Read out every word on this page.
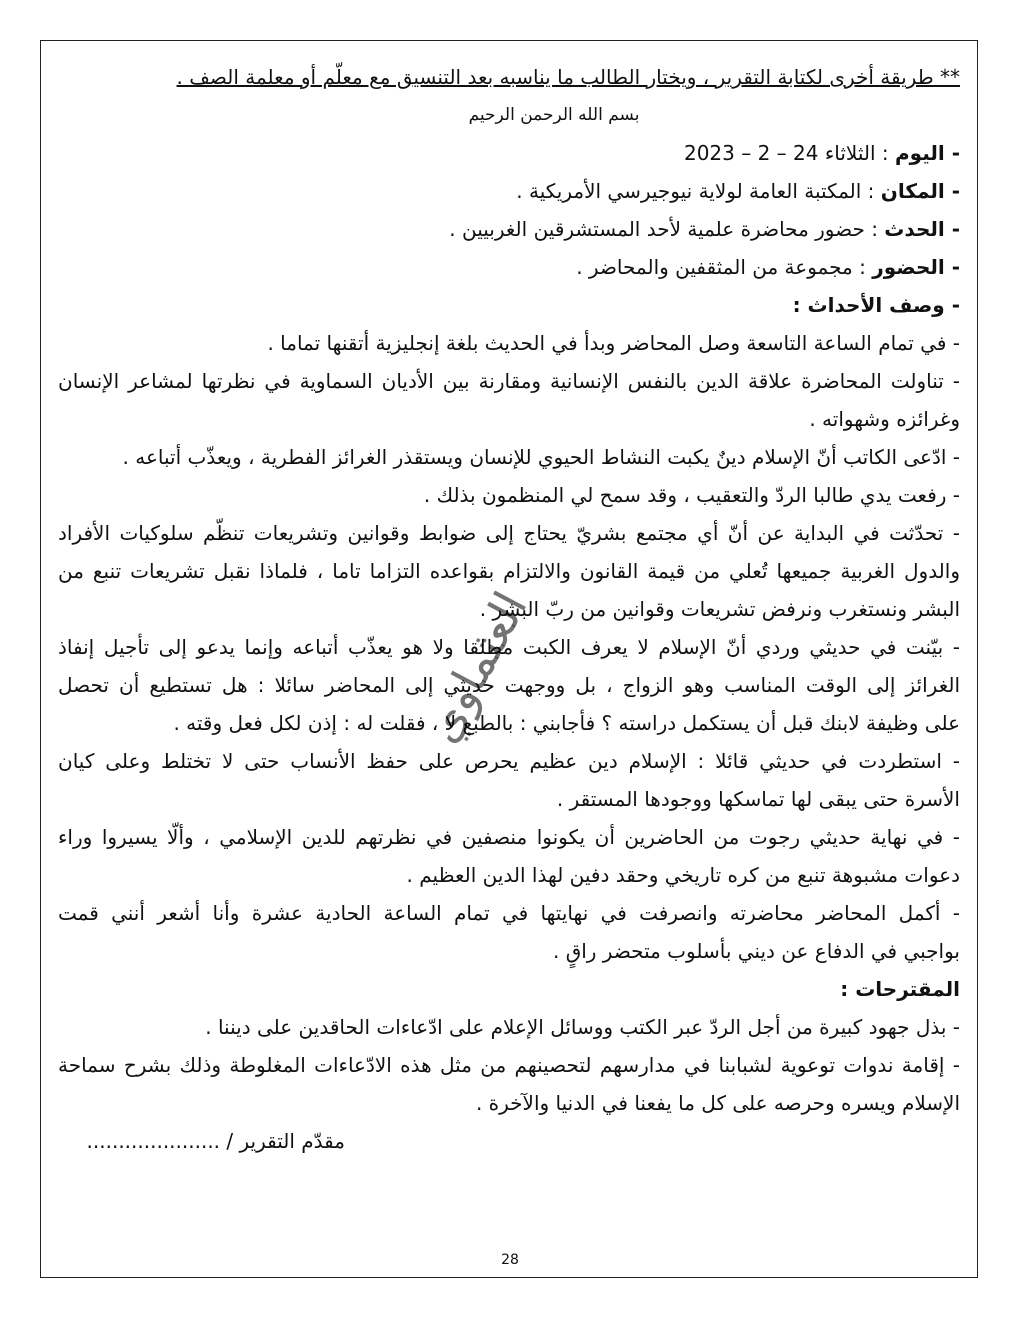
** طريقة أخرى لكتابة التقرير ، ويختار الطالب ما يناسبه بعد التنسيق مع معلّم أو معلمة الصف .
بسم الله الرحمن الرحيم
- اليوم : الثلاثاء 24 – 2 – 2023
- المكان : المكتبة العامة لولاية نيوجيرسي الأمريكية .
- الحدث : حضور محاضرة علمية لأحد المستشرقين الغربيين .
- الحضور : مجموعة من المثقفين والمحاضر .
- وصف الأحداث :
- في تمام الساعة التاسعة وصل المحاضر وبدأ في الحديث بلغة إنجليزية أتقنها تماما .
- تناولت المحاضرة علاقة الدين بالنفس الإنسانية ومقارنة بين الأديان السماوية في نظرتها لمشاعر الإنسان
وغرائزه وشهواته .
- ادّعى الكاتب أنّ الإسلام دينٌ يكبت النشاط الحيوي للإنسان ويستقذر الغرائز الفطرية ، ويعذّب أتباعه .
- رفعت يدي طالبا الردّ والتعقيب ، وقد سمح لي المنظمون بذلك .
- تحدّثت في البداية عن أنّ أي مجتمع بشريّ يحتاج إلى ضوابط وقوانين وتشريعات تنظّم سلوكيات الأفراد
والدول الغربية جميعها تُعلي من قيمة القانون والالتزام بقواعده التزاما تاما ، فلماذا نقبل تشريعات تنبع من
البشر ونستغرب ونرفض تشريعات وقوانين من ربّ البشر .
- بيّنت في حديثي وردي أنّ الإسلام لا يعرف الكبت مطلقا ولا هو يعذّب أتباعه وإنما يدعو إلى تأجيل إنفاذ
الغرائز إلى الوقت المناسب وهو الزواج ، بل ووجهت حديثي إلى المحاضر سائلا : هل تستطيع أن تحصل
على وظيفة لابنك قبل أن يستكمل دراسته ؟ فأجابني : بالطبع لا ، فقلت له : إذن لكل فعل وقته .
- استطردت في حديثي قائلا : الإسلام دين عظيم يحرص على حفظ الأنساب حتى لا تختلط وعلى كيان
الأسرة حتى يبقى لها تماسكها ووجودها المستقر .
- في نهاية حديثي رجوت من الحاضرين أن يكونوا منصفين في نظرتهم للدين الإسلامي ، وألّا يسيروا وراء
دعوات مشبوهة تنبع من كره تاريخي وحقد دفين لهذا الدين العظيم .
- أكمل المحاضر محاضرته وانصرفت في نهايتها في تمام الساعة الحادية عشرة وأنا أشعر أنني قمت
بواجبي في الدفاع عن ديني بأسلوب متحضر راقٍ .
المقترحات :
- بذل جهود كبيرة من أجل الردّ عبر الكتب ووسائل الإعلام على ادّعاءات الحاقدين على ديننا .
- إقامة ندوات توعوية لشبابنا في مدارسهم لتحصينهم من مثل هذه الادّعاءات المغلوطة وذلك بشرح سماحة
الإسلام ويسره وحرصه على كل ما يفعنا في الدنيا والآخرة .
مقدّم التقرير / .....................
العثماوي
28
